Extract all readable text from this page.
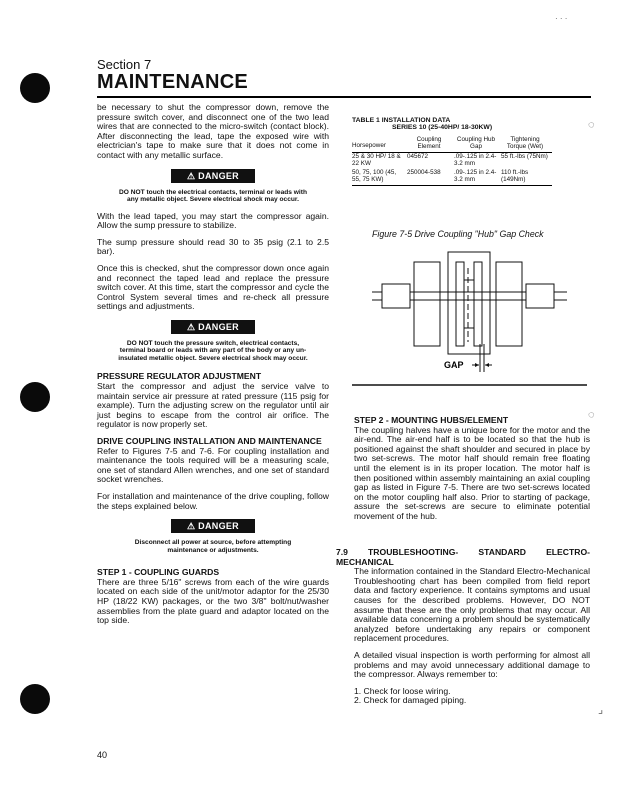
· · ·
◌
◌
⌟
Section 7
MAINTENANCE

be necessary to shut the compressor down, remove the pressure switch cover, and disconnect one of the two lead wires that are connected to the micro-switch (contact block). After disconnecting the lead, tape the exposed wire with electrician's tape to make sure that it does not come in contact with any metallic surface.

⚠ DANGER
DO NOT touch the electrical contacts, terminal or leads with any metallic object. Severe electrical shock may occur.

With the lead taped, you may start the compressor again. Allow the sump pressure to stabilize.

The sump pressure should read 30 to 35 psig (2.1 to 2.5 bar).

Once this is checked, shut the compressor down once again and reconnect the taped lead and replace the pressure switch cover. At this time, start the compressor and cycle the Control System several times and re-check all pressure settings and adjustments.

⚠ DANGER
DO NOT touch the pressure switch, electrical contacts, terminal board or leads with any part of the body or any un-insulated metallic object. Severe electrical shock may occur.
PRESSURE REGULATOR ADJUSTMENT

Start the compressor and adjust the service valve to maintain service air pressure at rated pressure (115 psig for example). Turn the adjusting screw on the regulator until air just begins to escape from the control air orifice. The regulator is now properly set.

DRIVE COUPLING INSTALLATION AND MAINTENANCE

Refer to Figures 7-5 and 7-6. For coupling installation and maintenance the tools required will be a measuring scale, one set of standard Allen wrenches, and one set of standard socket wrenches.

For installation and maintenance of the drive coupling, follow the steps explained below.

⚠ DANGER
Disconnect all power at source, before attempting maintenance or adjustments.
STEP 1 - COUPLING GUARDS

There are three 5/16" screws from each of the wire guards located on each side of the unit/motor adaptor for the 25/30 HP (18/22 KW) packages, or the two 3/8" bolt/nut/washer assemblies from the plate guard and adaptor located on the top side.

TABLE 1 INSTALLATION DATA
SERIES 10 (25-40HP/ 18-30KW)
Horsepower	Coupling Element	Coupling Hub Gap	Tightening Torque (Wet)
25 & 30 HP/ 18 & 22 KW	045672	.09-.125 in 2.4-3.2 mm	55 ft.-lbs (75Nm)
50, 75, 100 (45, 55, 75 KW)	250004-538	.09-.125 in 2.4-3.2 mm	110 ft.-lbs (149Nm)
Figure 7-5 Drive Coupling "Hub" Gap Check
GAP
STEP 2 - MOUNTING HUBS/ELEMENT

The coupling halves have a unique bore for the motor and the air-end. The air-end half is to be located so that the hub is positioned against the shaft shoulder and secured in place by two set-screws. The motor half should remain free floating until the element is in its proper location. The motor half is then positioned within assembly maintaining an axial coupling gap as listed in Figure 7-5. There are two set-screws located on the motor coupling half also. Prior to starting of package, assure the set-screws are secure to eliminate potential movement of the hub.

7.9 TROUBLESHOOTING- STANDARD ELECTRO-MECHANICAL

The information contained in the Standard Electro-Mechanical Troubleshooting chart has been compiled from field report data and factory experience. It contains symptoms and usual causes for the described problems. However, DO NOT assume that these are the only problems that may occur. All available data concerning a problem should be systematically analyzed before undertaking any repairs or component replacement procedures.

A detailed visual inspection is worth performing for almost all problems and may avoid unnecessary additional damage to the compressor. Always remember to:

1. Check for loose wiring.
2. Check for damaged piping.
40
